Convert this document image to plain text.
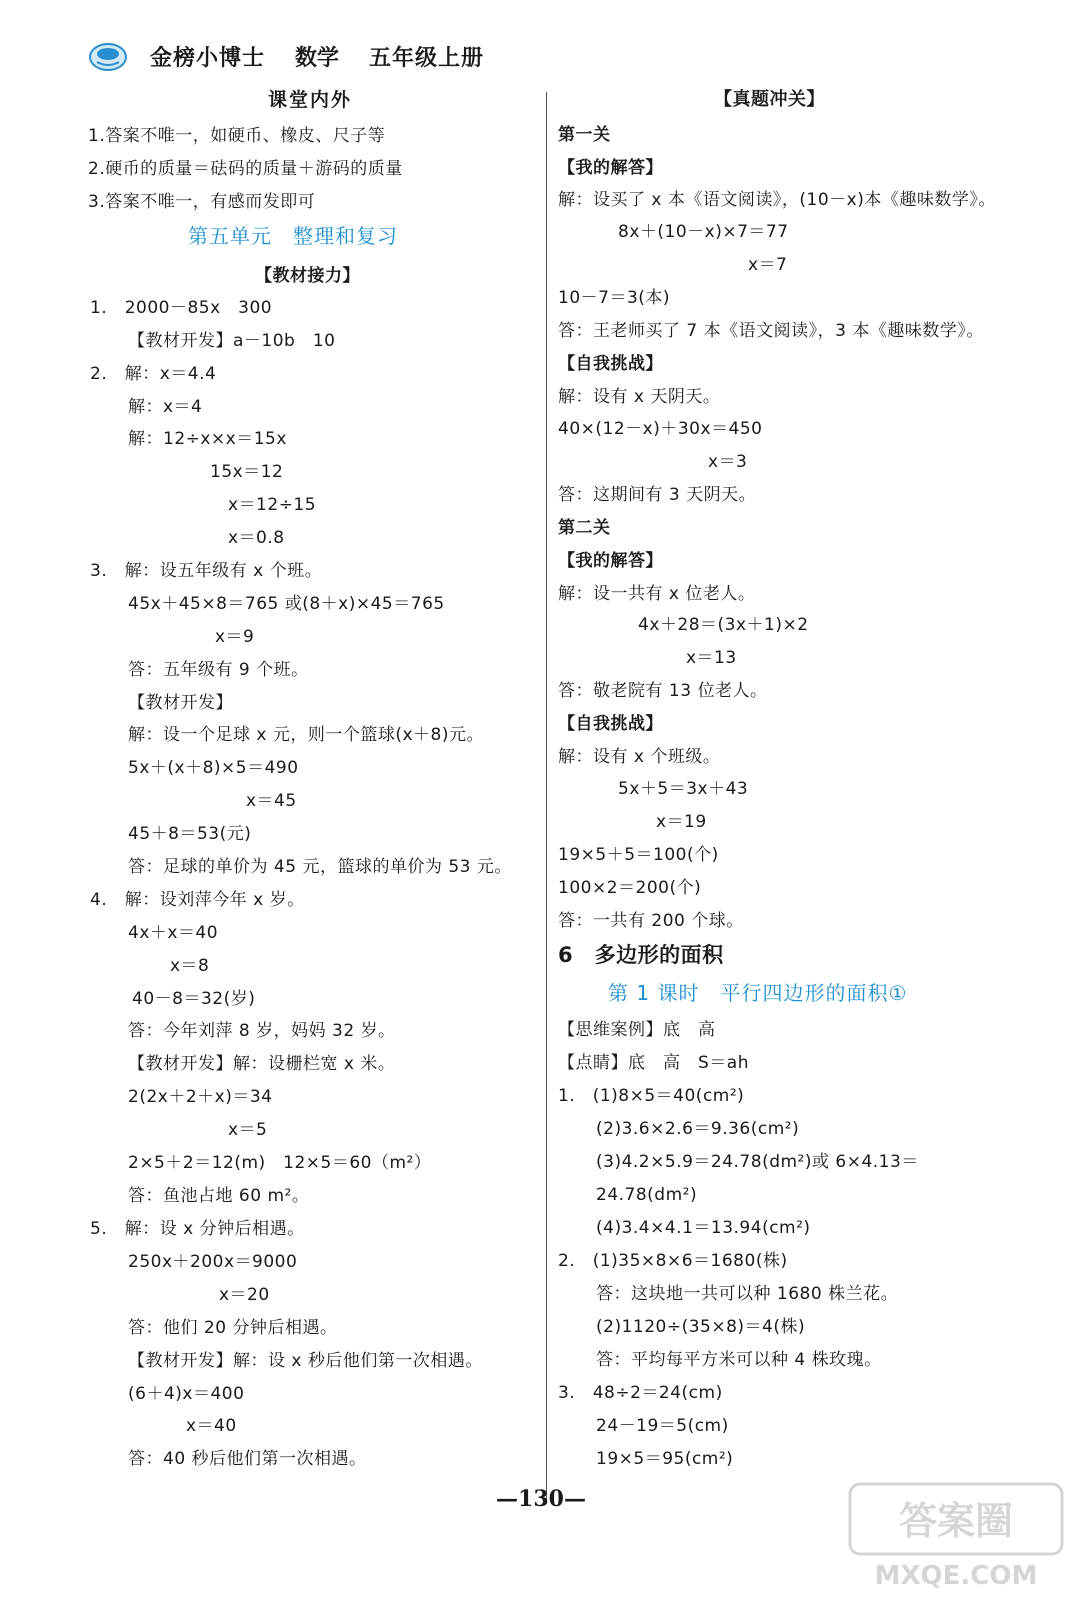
金榜小博士 数学 五年级上册
课堂内外
1.答案不唯一，如硬币、橡皮、尺子等
2.硬币的质量＝砝码的质量＋游码的质量
3.答案不唯一，有感而发即可
第五单元　整理和复习
【教材接力】
1.　2000－85x　300
【教材开发】a－10b　10
2.　解：x＝4.4
解：x＝4
解：12÷x×x＝15x
15x＝12
x＝12÷15
x＝0.8
3.　解：设五年级有 x 个班。
45x＋45×8＝765 或(8＋x)×45＝765
x＝9
答：五年级有 9 个班。
【教材开发】
解：设一个足球 x 元，则一个篮球(x＋8)元。
5x＋(x＋8)×5＝490
x＝45
45＋8＝53(元)
答：足球的单价为 45 元，篮球的单价为 53 元。
4.　解：设刘萍今年 x 岁。
4x＋x＝40
x＝8
40－8＝32(岁)
答：今年刘萍 8 岁，妈妈 32 岁。
【教材开发】解：设栅栏宽 x 米。
2(2x＋2＋x)＝34
x＝5
2×5＋2＝12(m)　12×5＝60（m²）
答：鱼池占地 60 m²。
5.　解：设 x 分钟后相遇。
250x＋200x＝9000
x＝20
答：他们 20 分钟后相遇。
【教材开发】解：设 x 秒后他们第一次相遇。
(6＋4)x＝400
x＝40
答：40 秒后他们第一次相遇。
【真题冲关】
第一关
【我的解答】
解：设买了 x 本《语文阅读》，(10－x)本《趣味数学》。
8x＋(10－x)×7＝77
x＝7
10－7＝3(本)
答：王老师买了 7 本《语文阅读》，3 本《趣味数学》。
【自我挑战】
解：设有 x 天阴天。
40×(12－x)＋30x＝450
x＝3
答：这期间有 3 天阴天。
第二关
【我的解答】
解：设一共有 x 位老人。
4x＋28＝(3x＋1)×2
x＝13
答：敬老院有 13 位老人。
【自我挑战】
解：设有 x 个班级。
5x＋5＝3x＋43
x＝19
19×5＋5＝100(个)
100×2＝200(个)
答：一共有 200 个球。
6　多边形的面积
第 1 课时　平行四边形的面积①
【思维案例】底　高
【点睛】底　高　S＝ah
1.　(1)8×5＝40(cm²)
(2)3.6×2.6＝9.36(cm²)
(3)4.2×5.9＝24.78(dm²)或 6×4.13＝
24.78(dm²)
(4)3.4×4.1＝13.94(cm²)
2.　(1)35×8×6＝1680(株)
答：这块地一共可以种 1680 株兰花。
(2)1120÷(35×8)＝4(株)
答：平均每平方米可以种 4 株玫瑰。
3.　48÷2＝24(cm)
24－19＝5(cm)
19×5＝95(cm²)
—130—	答案圈
MXQE.COM
